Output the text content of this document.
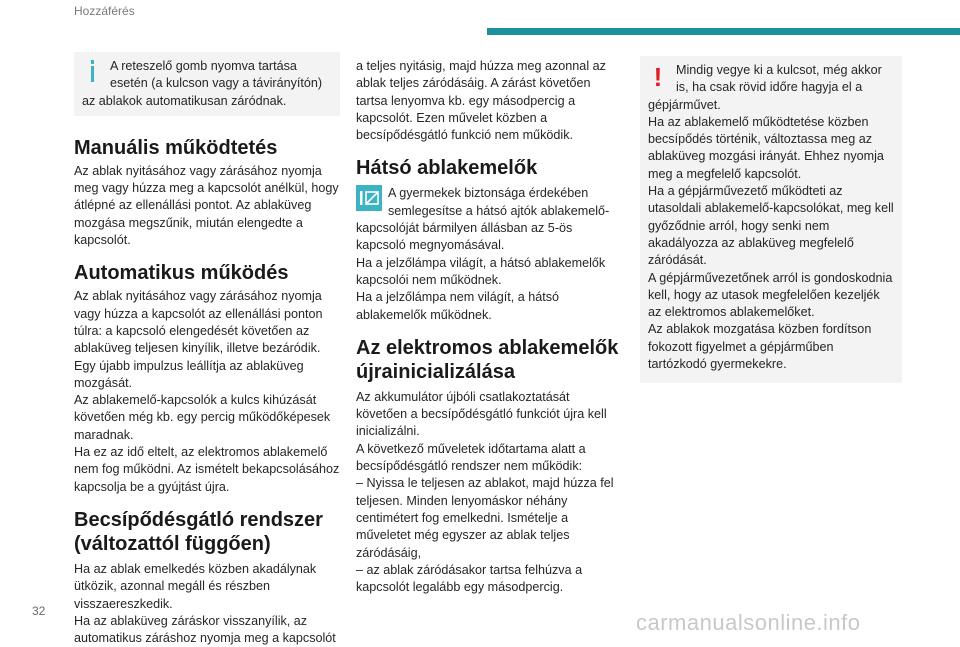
Hozzáférés

A reteszelő gomb nyomva tartása esetén (a kulcson vagy a távirányítón) az ablakok automatikusan záródnak.

Manuális működtetés

Az ablak nyitásához vagy zárásához nyomja meg vagy húzza meg a kapcsolót anélkül, hogy átlépné az ellenállási pontot. Az ablaküveg mozgása megszűnik, miután elengedte a kapcsolót.

Automatikus működés

Az ablak nyitásához vagy zárásához nyomja vagy húzza a kapcsolót az ellenállási ponton túlra: a kapcsoló elengedését követően az ablaküveg teljesen kinyílik, illetve bezáródik. Egy újabb impulzus leállítja az ablaküveg mozgását.

Az ablakemelő-kapcsolók a kulcs kihúzását követően még kb. egy percig működőképesek maradnak.

Ha ez az idő eltelt, az elektromos ablakemelő nem fog működni. Az ismételt bekapcsolásához kapcsolja be a gyújtást újra.

Becsípődésgátló rendszer (változattól függően)

Ha az ablak emelkedés közben akadálynak ütközik, azonnal megáll és részben visszaereszkedik.

Ha az ablaküveg záráskor visszanyílik, az automatikus záráshoz nyomja meg a kapcsolót

a teljes nyitásig, majd húzza meg azonnal az ablak teljes záródásáig. A zárást követően tartsa lenyomva kb. egy másodpercig a kapcsolót. Ezen művelet közben a becsípődésgátló funkció nem működik.

Hátsó ablakemelők

A gyermekek biztonsága érdekében semlegesítse a hátsó ajtók ablakemelő-kapcsolóját bármilyen állásban az 5-ös kapcsoló megnyomásával.

Ha a jelzőlámpa világít, a hátsó ablakemelők kapcsolói nem működnek.

Ha a jelzőlámpa nem világít, a hátsó ablakemelők működnek.

Az elektromos ablakemelők újrainicializálása

Az akkumulátor újbóli csatlakoztatását követően a becsípődésgátló funkciót újra kell inicializálni.

A következő műveletek időtartama alatt a becsípődésgátló rendszer nem működik:

– Nyissa le teljesen az ablakot, majd húzza fel teljesen. Minden lenyomáskor néhány centimétert fog emelkedni. Ismételje a műveletet még egyszer az ablak teljes záródásáig,

– az ablak záródásakor tartsa felhúzva a kapcsolót legalább egy másodpercig.

!	Mindig vegye ki a kulcsot, még akkor is, ha csak rövid időre hagyja el a gépjárművet.

Ha az ablakemelő működtetése közben becsípődés történik, változtassa meg az ablaküveg mozgási irányát. Ehhez nyomja meg a megfelelő kapcsolót.

Ha a gépjárművezető működteti az utasoldali ablakemelő-kapcsolókat, meg kell győződnie arról, hogy senki nem akadályozza az ablaküveg megfelelő záródását.

A gépjárművezetőnek arról is gondoskodnia kell, hogy az utasok megfelelően kezeljék az elektromos ablakemelőket.

Az ablakok mozgatása közben fordítson fokozott figyelmet a gépjárműben tartózkodó gyermekekre.

32	carmanualsonline.info
